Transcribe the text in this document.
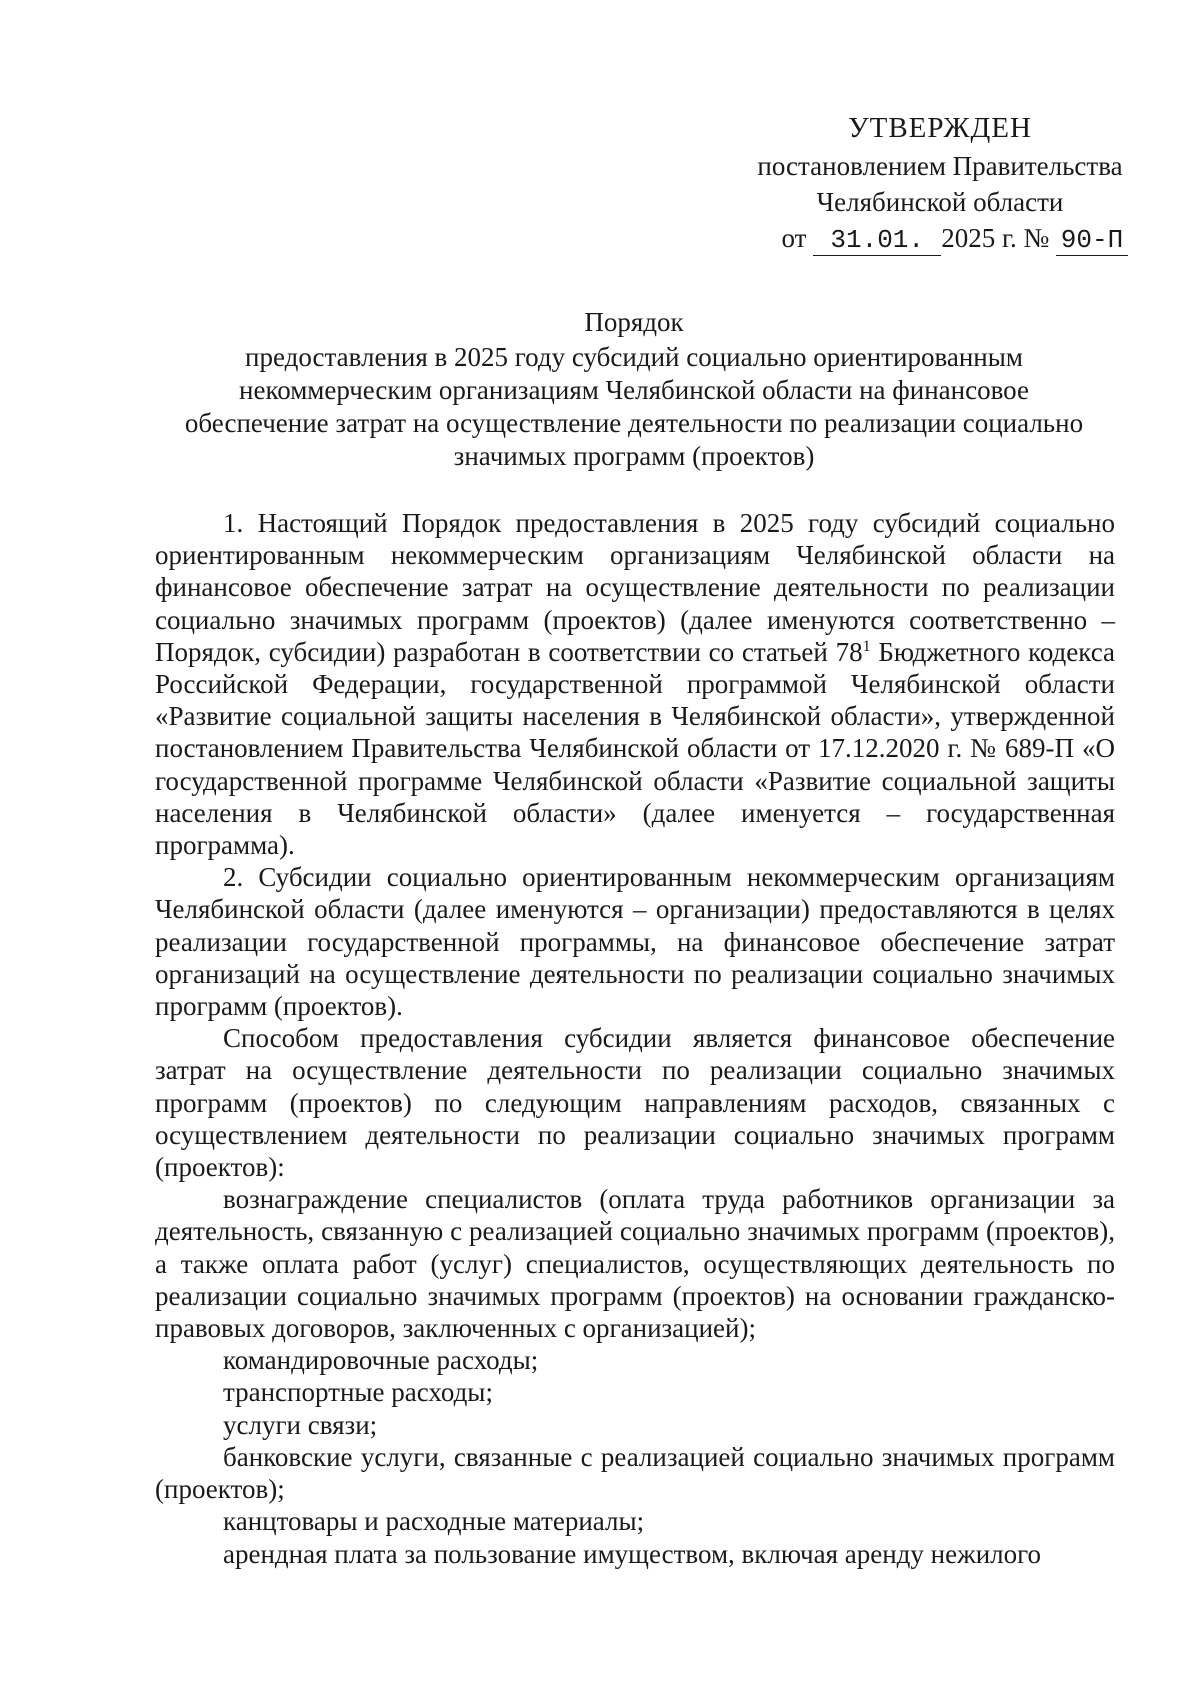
УТВЕРЖДЕН
постановлением Правительства
Челябинской области
от 31.01. 2025 г. № 90-П
Порядок
предоставления в 2025 году субсидий социально ориентированным
некоммерческим организациям Челябинской области на финансовое
обеспечение затрат на осуществление деятельности по реализации социально
значимых программ (проектов)

1. Настоящий Порядок предоставления в 2025 году субсидий социально ориентированным некоммерческим организациям Челябинской области на финансовое обеспечение затрат на осуществление деятельности по реализации социально значимых программ (проектов) (далее именуются соответственно – Порядок, субсидии) разработан в соответствии со статьей $78^1$ Бюджетного кодекса Российской Федерации, государственной программой Челябинской области «Развитие социальной защиты населения в Челябинской области», утвержденной постановлением Правительства Челябинской области от 17.12.2020 г. № 689-П «О государственной программе Челябинской области «Развитие социальной защиты населения в Челябинской области» (далее именуется – государственная программа).

2. Субсидии социально ориентированным некоммерческим организациям Челябинской области (далее именуются – организации) предоставляются в целях реализации государственной программы, на финансовое обеспечение затрат организаций на осуществление деятельности по реализации социально значимых программ (проектов).

Способом предоставления субсидии является финансовое обеспечение затрат на осуществление деятельности по реализации социально значимых программ (проектов) по следующим направлениям расходов, связанных с осуществлением деятельности по реализации социально значимых программ (проектов):

вознаграждение специалистов (оплата труда работников организации за деятельность, связанную с реализацией социально значимых программ (проектов), а также оплата работ (услуг) специалистов, осуществляющих деятельность по реализации социально значимых программ (проектов) на основании гражданско-правовых договоров, заключенных с организацией);

командировочные расходы;

транспортные расходы;

услуги связи;

банковские услуги, связанные с реализацией социально значимых программ (проектов);

канцтовары и расходные материалы;

арендная плата за пользование имуществом, включая аренду нежилого
